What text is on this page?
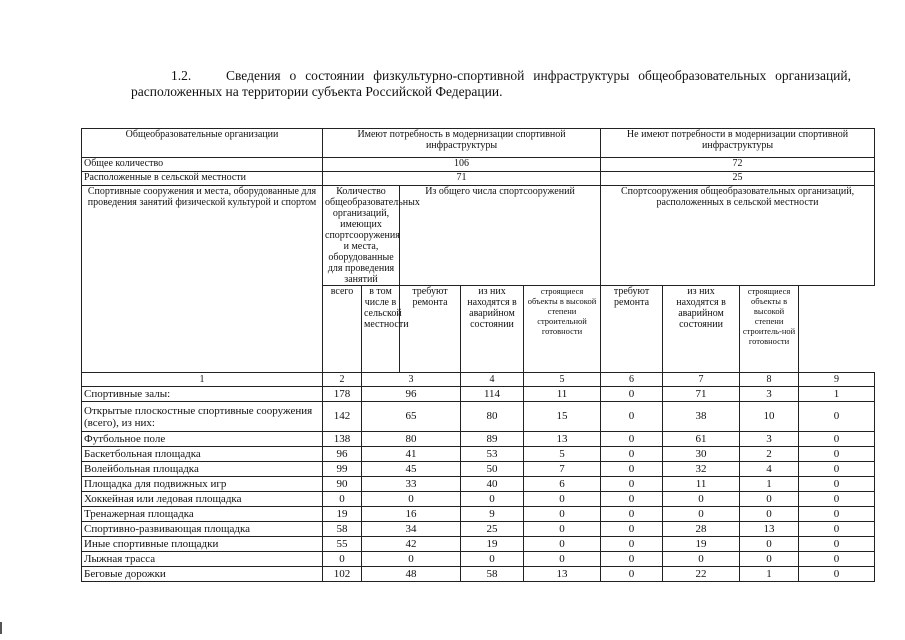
1.2.	Сведения о состоянии физкультурно-спортивной инфраструктуры общеобразовательных организаций, расположенных на территории субъекта Российской Федерации.
Общеобразовательные организации	Имеют потребность в модернизации спортивной инфраструктуры					Не имеют потребности в модернизации спортивной инфраструктуры			
Общее количество	106					72			
Расположенные в сельской местности	71					25			
Спортивные сооружения и места, оборудованные для проведения занятий физической культурой и спортом	Количество общеобразовательных организаций, имеющих спортсооружения и места, оборудованные для проведения занятий		Из общего числа спортсооружений			Спортсооружения общеобразовательных организаций, расположенных в сельской местности			
	всего	в том числе в сельской местности	требуют ремонта	из них находятся в аварийном состоянии	строящиеся объекты в высокой степени строительной готовности	требуют ремонта	из них находятся в аварийном состоянии	строящиеся объекты в высокой степени строитель-ной готовности	
1	2	3		4	5	6	7	8	9
Спортивные залы:	178	96		114	11	0	71	3	1
Открытые плоскостные спортивные сооружения (всего), из них:	142	65		80	15	0	38	10	0
Футбольное поле	138	80		89	13	0	61	3	0
Баскетбольная площадка	96	41		53	5	0	30	2	0
Волейбольная площадка	99	45		50	7	0	32	4	0
Площадка для подвижных игр	90	33		40	6	0	11	1	0
Хоккейная или ледовая площадка	0	0		0	0	0	0	0	0
Тренажерная площадка	19	16		9	0	0	0	0	0
Спортивно-развивающая площадка	58	34		25	0	0	28	13	0
Иные спортивные площадки	55	42		19	0	0	19	0	0
Лыжная трасса	0	0		0	0	0	0	0	0
Беговые дорожки	102	48		58	13	0	22	1	0
